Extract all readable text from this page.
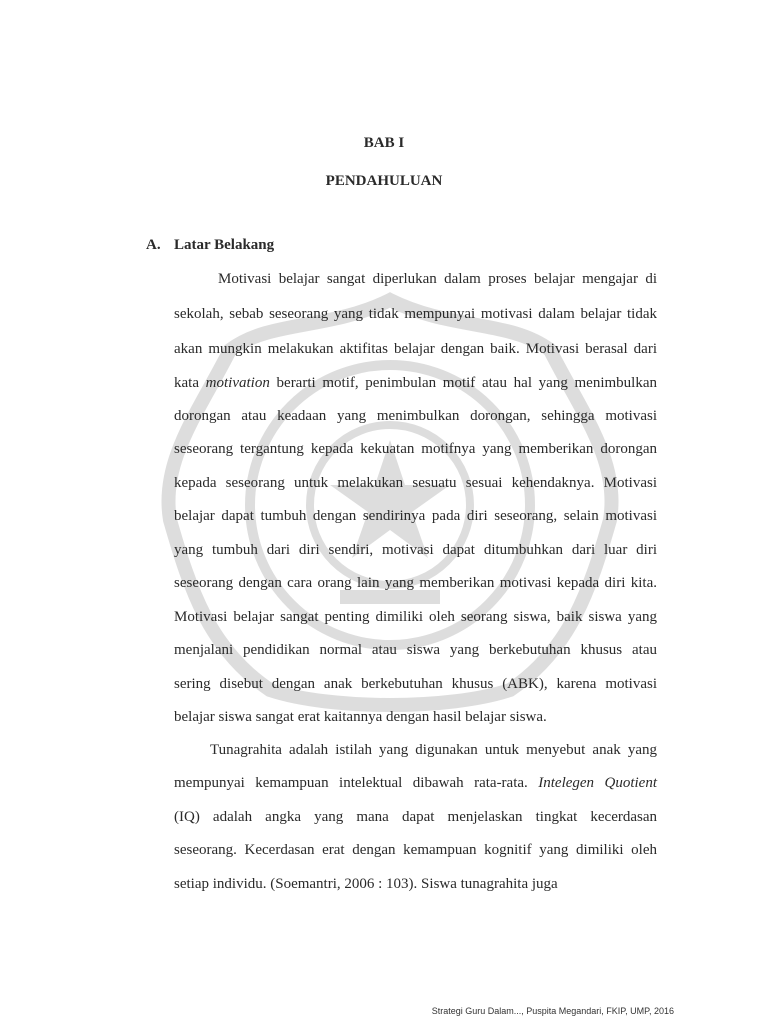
BAB I
PENDAHULUAN
A. Latar Belakang

Motivasi belajar sangat diperlukan dalam proses belajar mengajar di

sekolah, sebab seseorang yang tidak mempunyai motivasi dalam belajar tidak

akan mungkin melakukan aktifitas belajar dengan baik. Motivasi berasal dari

kata motivation berarti motif, penimbulan motif atau hal yang menimbulkan

dorongan atau keadaan yang menimbulkan dorongan, sehingga motivasi

seseorang tergantung kepada kekuatan motifnya yang memberikan dorongan

kepada seseorang untuk melakukan sesuatu sesuai kehendaknya. Motivasi

belajar dapat tumbuh dengan sendirinya pada diri seseorang, selain motivasi

yang tumbuh dari diri sendiri, motivasi dapat ditumbuhkan dari luar diri

seseorang dengan cara orang lain yang memberikan motivasi kepada diri kita.

Motivasi belajar sangat penting dimiliki oleh seorang siswa, baik siswa yang

menjalani pendidikan normal atau siswa yang berkebutuhan khusus atau

sering disebut dengan anak berkebutuhan khusus (ABK), karena motivasi

belajar siswa sangat erat kaitannya dengan hasil belajar siswa.

Tunagrahita adalah istilah yang digunakan untuk menyebut anak yang

mempunyai kemampuan intelektual dibawah rata-rata. Intelegen Quotient

(IQ) adalah angka yang mana dapat menjelaskan tingkat kecerdasan

seseorang. Kecerdasan erat dengan kemampuan kognitif yang dimiliki oleh

setiap individu. (Soemantri, 2006 : 103). Siswa tunagrahita juga

Strategi Guru Dalam..., Puspita Megandari, FKIP, UMP, 2016
